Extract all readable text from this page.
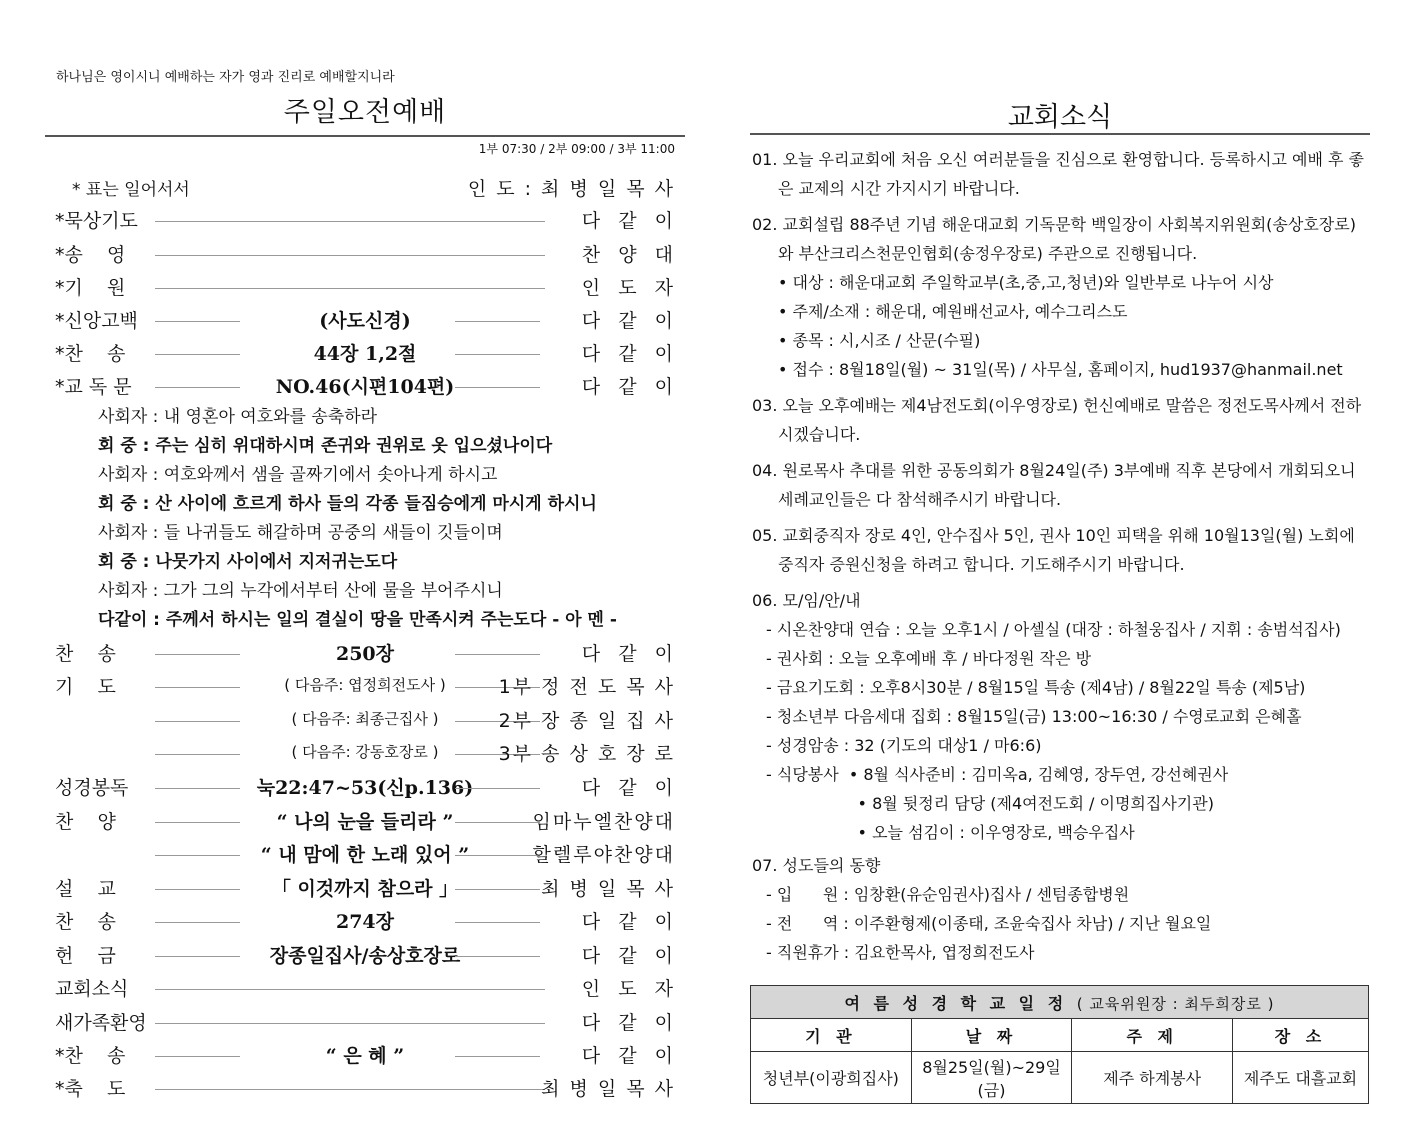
하나님은 영이시니 예배하는 자가 영과 진리로 예배할지니라
주일오전예배
1부 07:30 / 2부 09:00 / 3부 11:00
* 표는 일어서서	인 도 : 최 병 일 목 사
*묵상기도	다  같  이
*송    영	찬  양  대
*기    원	인  도  자
*신앙고백	(사도신경)	다  같  이
*찬    송	44장 1,2절	다  같  이
*교 독 문	NO.46(시편104편)	다  같  이
사회자 : 내 영혼아 여호와를 송축하라
회 중 : 주는 심히 위대하시며 존귀와 권위로 옷 입으셨나이다
사회자 : 여호와께서 샘을 골짜기에서 솟아나게 하시고
회 중 : 산 사이에 흐르게 하사 들의 각종 들짐승에게 마시게 하시니
사회자 : 들 나귀들도 해갈하며 공중의 새들이 깃들이며
회 중 : 나뭇가지 사이에서 지저귀는도다
사회자 : 그가 그의 누각에서부터 산에 물을 부어주시니
다같이 : 주께서 하시는 일의 결실이 땅을 만족시켜 주는도다 - 아 멘 -
찬    송	250장	다  같  이
기    도	( 다음주: 엽정희전도사 )	1부 정 전 도 목 사
( 다음주: 최종근집사 )	2부 장 종 일 집 사
( 다음주: 강동호장로 )	3부 송 상 호 장 로
성경봉독	눅22:47~53(신p.136)	다  같  이
찬    양	“ 나의 눈을 들리라 ”	임마누엘찬양대
“ 내 맘에 한 노래 있어 ”	할렐루야찬양대
설    교	「 이것까지 참으라 」	최 병 일 목 사
찬    송	274장	다  같  이
헌    금	장종일집사/송상호장로	다  같  이
교회소식	인  도  자
새가족환영	다  같  이
*찬    송	“ 은 혜 ”	다  같  이
*축    도	최 병 일 목 사
교회소식

01. 오늘 우리교회에 처음 오신 여러분들을 진심으로 환영합니다. 등록하시고 예배 후 좋은 교제의 시간 가지시기 바랍니다.

02. 교회설립 88주년 기념 해운대교회 기독문학 백일장이 사회복지위원회(송상호장로)와 부산크리스천문인협회(송정우장로) 주관으로 진행됩니다.

• 대상 : 해운대교회 주일학교부(초,중,고,청년)와 일반부로 나누어 시상

• 주제/소재 : 해운대, 예원배선교사, 예수그리스도

• 종목 : 시,시조 / 산문(수필)

• 접수 : 8월18일(월) ~ 31일(목) / 사무실, 홈페이지, hud1937@hanmail.net

03. 오늘 오후예배는 제4남전도회(이우영장로) 헌신예배로 말씀은 정전도목사께서 전하시겠습니다.

04. 원로목사 추대를 위한 공동의회가 8월24일(주) 3부예배 직후 본당에서 개회되오니 세례교인들은 다 참석해주시기 바랍니다.

05. 교회중직자 장로 4인, 안수집사 5인, 권사 10인 피택을 위해 10월13일(월) 노회에 중직자 증원신청을 하려고 합니다. 기도해주시기 바랍니다.

06. 모/임/안/내

- 시온찬양대 연습 : 오늘 오후1시 / 아셀실 (대장 : 하철웅집사 / 지휘 : 송범석집사)

- 권사회 : 오늘 오후예배 후 / 바다정원 작은 방

- 금요기도회 : 오후8시30분 / 8월15일 특송 (제4남) / 8월22일 특송 (제5남)

- 청소년부 다음세대 집회 : 8월15일(금) 13:00~16:30 / 수영로교회 은혜홀

- 성경암송 : 32 (기도의 대상1 / 마6:6)

- 식당봉사  • 8월 식사준비 : 김미옥a, 김혜영, 장두연, 강선혜권사

• 8월 뒷정리 담당 (제4여전도회 / 이명희집사기관)

• 오늘 섬김이 : 이우영장로, 백승우집사

07. 성도들의 동향

- 입      원 : 임창환(유순임권사)집사 / 센텀종합병원

- 전      역 : 이주환형제(이종태, 조윤숙집사 차남) / 지난 월요일

- 직원휴가 : 김요한목사, 엽정희전도사

여 름 성 경 학 교 일 정 ( 교육위원장 : 최두희장로 )			
기 관	날 짜	주 제	장 소
청년부(이광희집사)	8월25일(월)~29일(금)	제주 하계봉사	제주도 대흘교회
